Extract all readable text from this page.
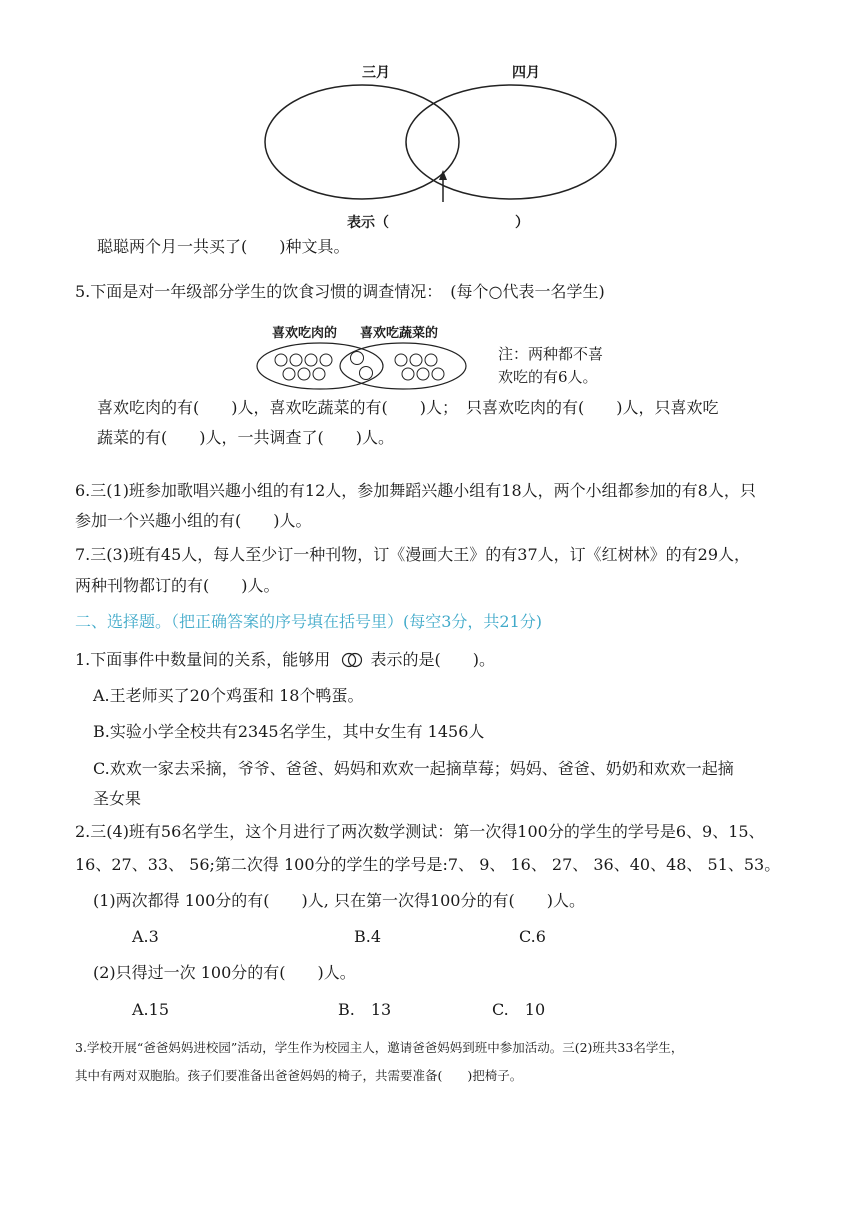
三月	四月
表示（	）
聪聪两个月一共买了(　　)种文具。
5.下面是对一年级部分学生的饮食习惯的调查情况：　(每个○代表一名学生)
喜欢吃肉的 喜欢吃蔬菜的
注：两种都不喜
欢吃的有6人。
喜欢吃肉的有(　　)人，喜欢吃蔬菜的有(　　)人；　只喜欢吃肉的有(　　)人，只喜欢吃
蔬菜的有(　　)人，一共调查了(　　)人。
6.三(1)班参加歌唱兴趣小组的有12人，参加舞蹈兴趣小组有18人，两个小组都参加的有8人，只
参加一个兴趣小组的有(　　)人。
7.三(3)班有45人，每人至少订一种刊物，订《漫画大王》的有37人，订《红树林》的有29人，
两种刊物都订的有(　　)人。
二、选择题。（把正确答案的序号填在括号里）(每空3分，共21分)
1.下面事件中数量间的关系，能够用	表示的是(　　)。
A.王老师买了20个鸡蛋和 18个鸭蛋。
B.实验小学全校共有2345名学生，其中女生有 1456人
C.欢欢一家去采摘，爷爷、爸爸、妈妈和欢欢一起摘草莓；妈妈、爸爸、奶奶和欢欢一起摘
圣女果
2.三(4)班有56名学生，这个月进行了两次数学测试：第一次得100分的学生的学号是6、9、15、
16、27、33、 56;第二次得 100分的学生的学号是:7、 9、 16、 27、 36、40、48、 51、53。
(1)两次都得 100分的有(　　)人, 只在第一次得100分的有(　　)人。
A.3	B.4	C.6
(2)只得过一次 100分的有(　　)人。
A.15	B.　13	C.　10
3.学校开展“爸爸妈妈进校园”活动，学生作为校园主人，邀请爸爸妈妈到班中参加活动。三(2)班共33名学生，
其中有两对双胞胎。孩子们要准备出爸爸妈妈的椅子，共需要准备(　　)把椅子。
